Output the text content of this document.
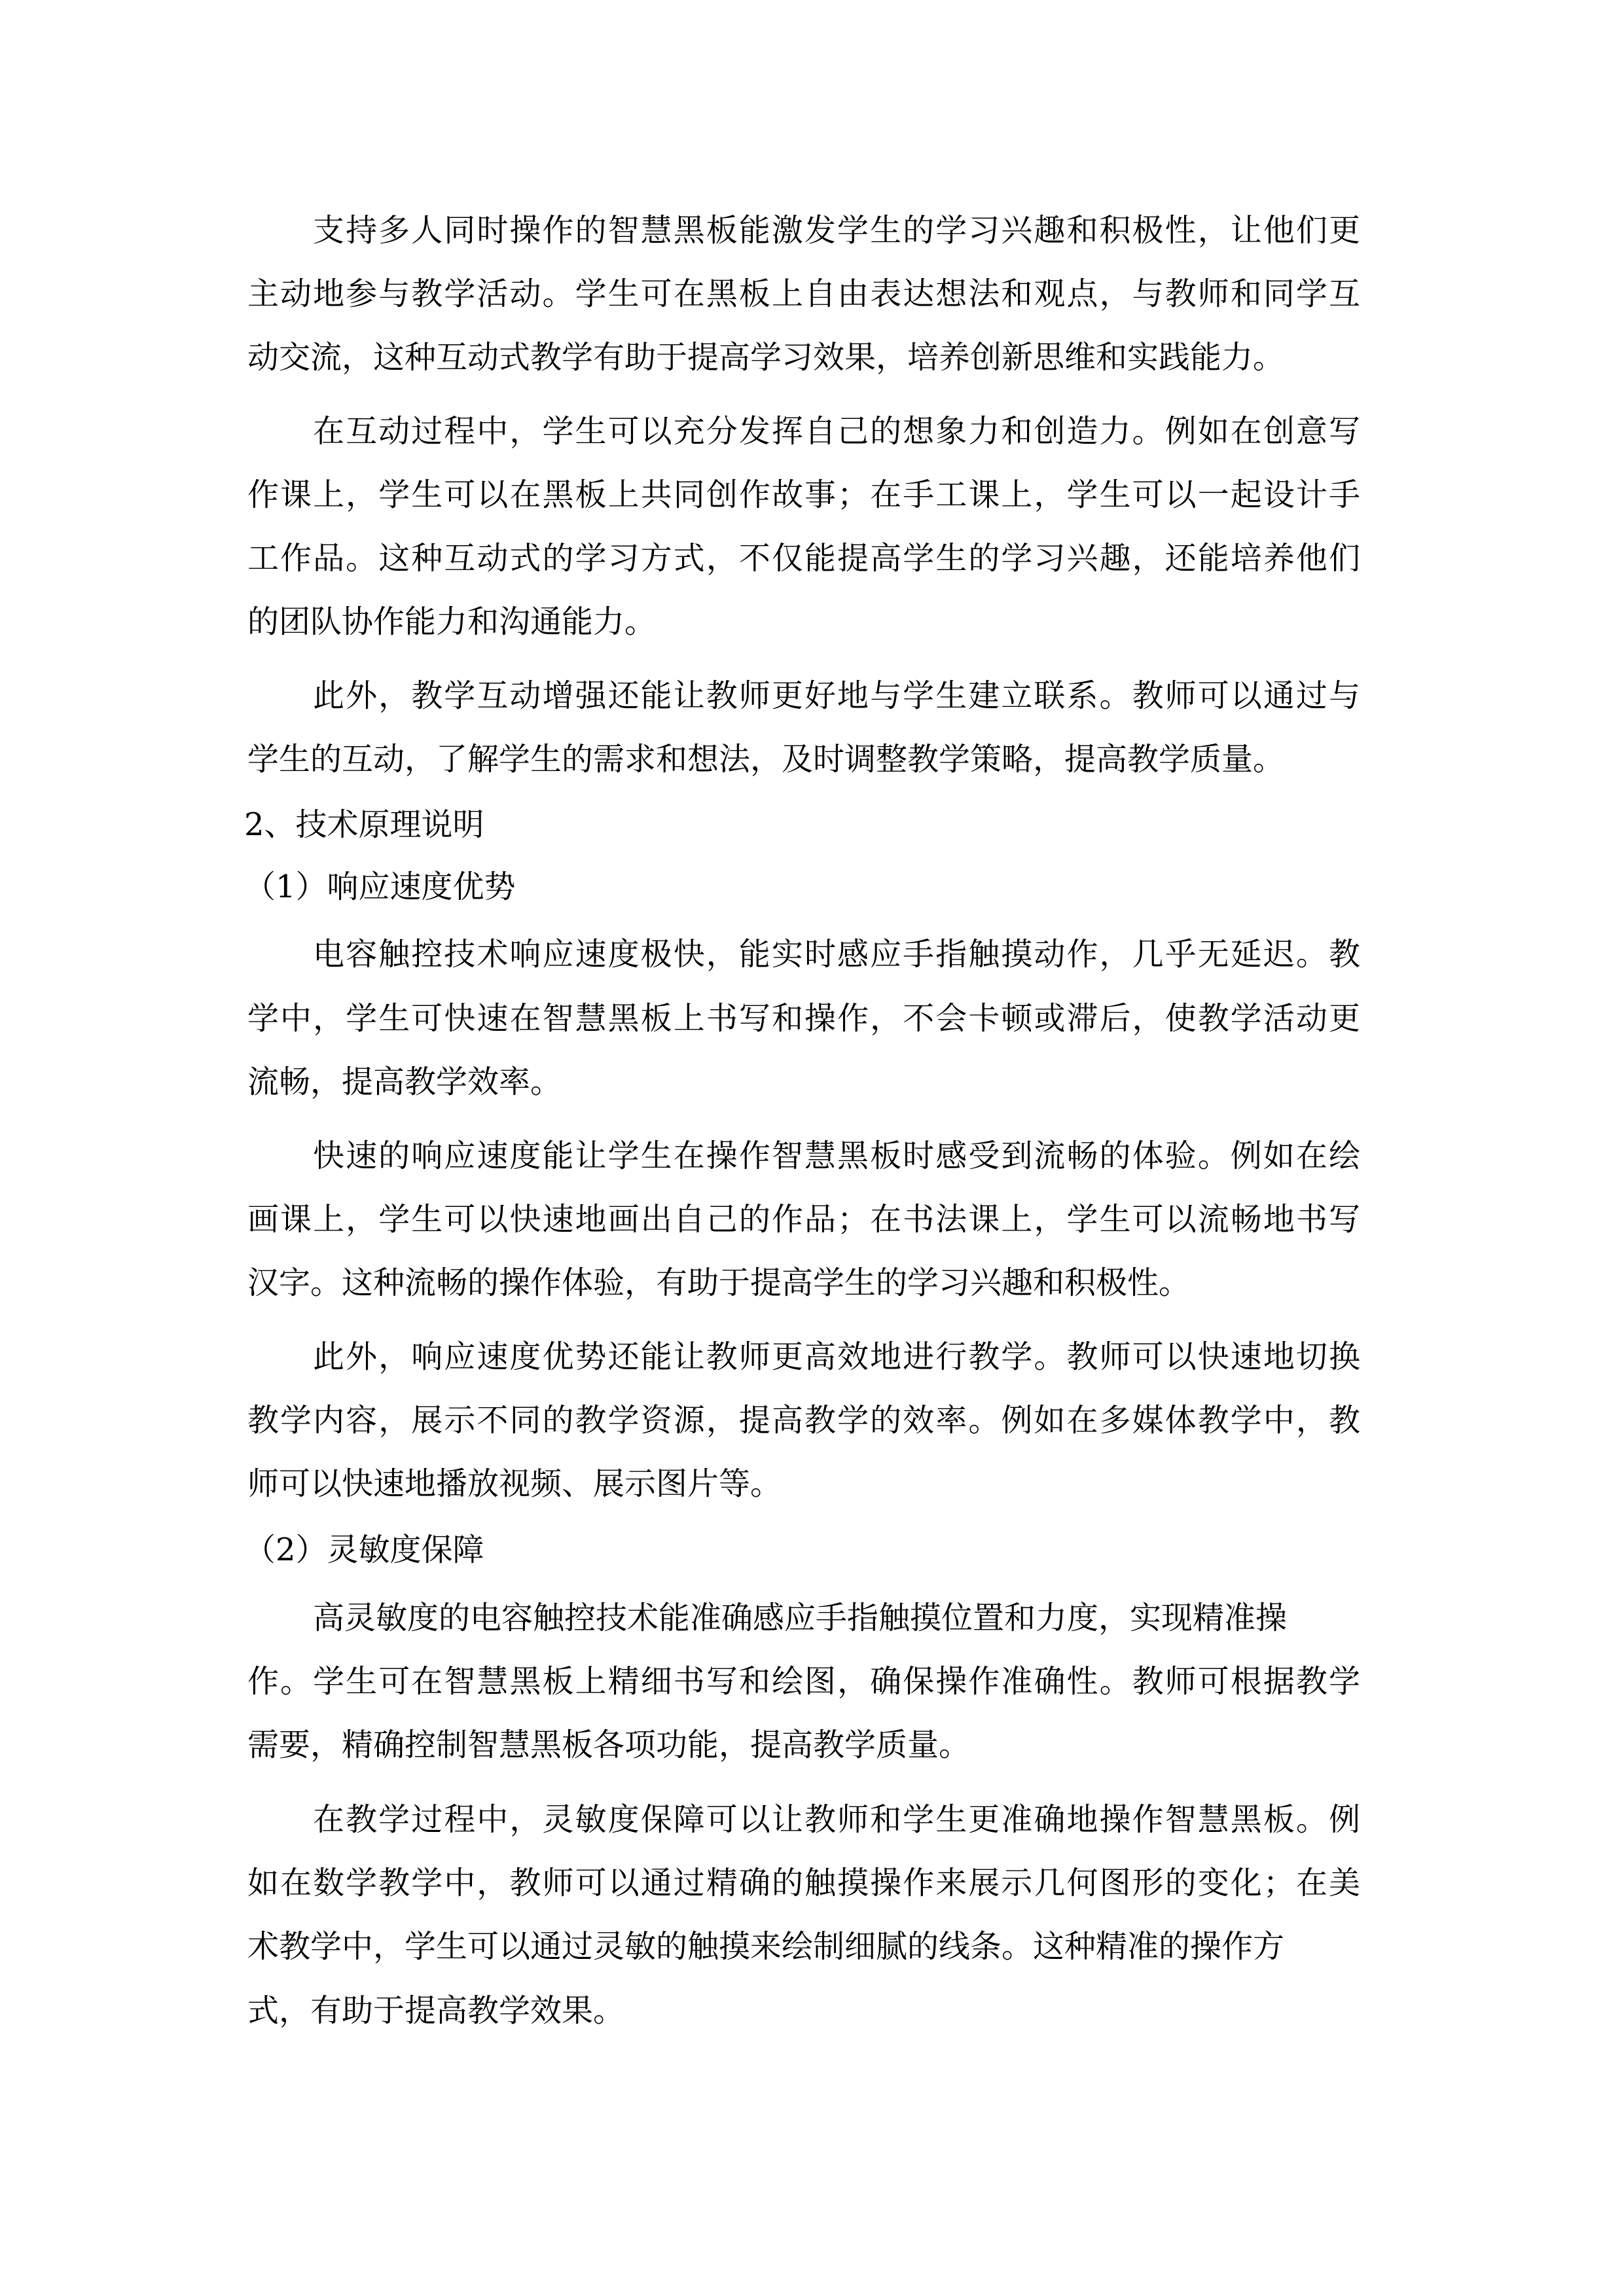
支持多人同时操作的智慧黑板能激发学生的学习兴趣和积极性，让他们更
主动地参与教学活动。学生可在黑板上自由表达想法和观点，与教师和同学互
动交流，这种互动式教学有助于提高学习效果，培养创新思维和实践能力。
在互动过程中，学生可以充分发挥自己的想象力和创造力。例如在创意写
作课上，学生可以在黑板上共同创作故事；在手工课上，学生可以一起设计手
工作品。这种互动式的学习方式，不仅能提高学生的学习兴趣，还能培养他们
的团队协作能力和沟通能力。
此外，教学互动增强还能让教师更好地与学生建立联系。教师可以通过与
学生的互动，了解学生的需求和想法，及时调整教学策略，提高教学质量。
2、技术原理说明
（1）响应速度优势
电容触控技术响应速度极快，能实时感应手指触摸动作，几乎无延迟。教
学中，学生可快速在智慧黑板上书写和操作，不会卡顿或滞后，使教学活动更
流畅，提高教学效率。
快速的响应速度能让学生在操作智慧黑板时感受到流畅的体验。例如在绘
画课上，学生可以快速地画出自己的作品；在书法课上，学生可以流畅地书写
汉字。这种流畅的操作体验，有助于提高学生的学习兴趣和积极性。
此外，响应速度优势还能让教师更高效地进行教学。教师可以快速地切换
教学内容，展示不同的教学资源，提高教学的效率。例如在多媒体教学中，教
师可以快速地播放视频、展示图片等。
（2）灵敏度保障
高灵敏度的电容触控技术能准确感应手指触摸位置和力度，实现精准操
作。学生可在智慧黑板上精细书写和绘图，确保操作准确性。教师可根据教学
需要，精确控制智慧黑板各项功能，提高教学质量。
在教学过程中，灵敏度保障可以让教师和学生更准确地操作智慧黑板。例
如在数学教学中，教师可以通过精确的触摸操作来展示几何图形的变化；在美
术教学中，学生可以通过灵敏的触摸来绘制细腻的线条。这种精准的操作方
式，有助于提高教学效果。
